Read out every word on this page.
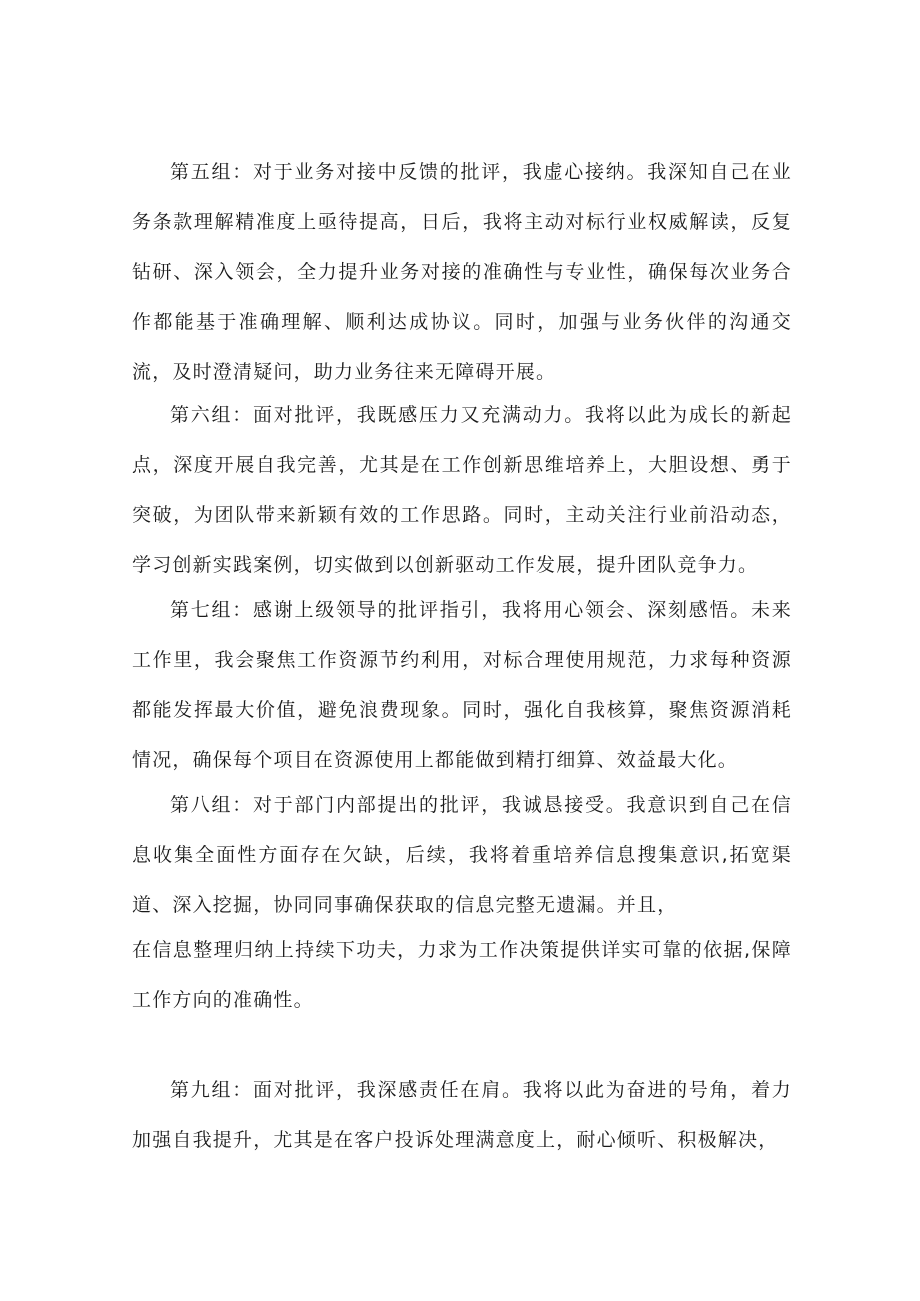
第五组：对于业务对接中反馈的批评，我虚心接纳。我深知自己在业务条款理解精准度上亟待提高，日后，我将主动对标行业权威解读，反复钻研、深入领会，全力提升业务对接的准确性与专业性，确保每次业务合作都能基于准确理解、顺利达成协议。同时，加强与业务伙伴的沟通交流，及时澄清疑问，助力业务往来无障碍开展。

第六组：面对批评，我既感压力又充满动力。我将以此为成长的新起点，深度开展自我完善，尤其是在工作创新思维培养上，大胆设想、勇于突破，为团队带来新颖有效的工作思路。同时，主动关注行业前沿动态，学习创新实践案例，切实做到以创新驱动工作发展，提升团队竞争力。

第七组：感谢上级领导的批评指引，我将用心领会、深刻感悟。未来工作里，我会聚焦工作资源节约利用，对标合理使用规范，力求每种资源都能发挥最大价值，避免浪费现象。同时，强化自我核算，聚焦资源消耗情况，确保每个项目在资源使用上都能做到精打细算、效益最大化。

第八组：对于部门内部提出的批评，我诚恳接受。我意识到自己在信息收集全面性方面存在欠缺，后续，我将着重培养信息搜集意识,拓宽渠道、深入挖掘，协同同事确保获取的信息完整无遗漏。并且，

在信息整理归纳上持续下功夫，力求为工作决策提供详实可靠的依据,保障工作方向的准确性。

第九组：面对批评，我深感责任在肩。我将以此为奋进的号角，着力加强自我提升，尤其是在客户投诉处理满意度上，耐心倾听、积极解决，
